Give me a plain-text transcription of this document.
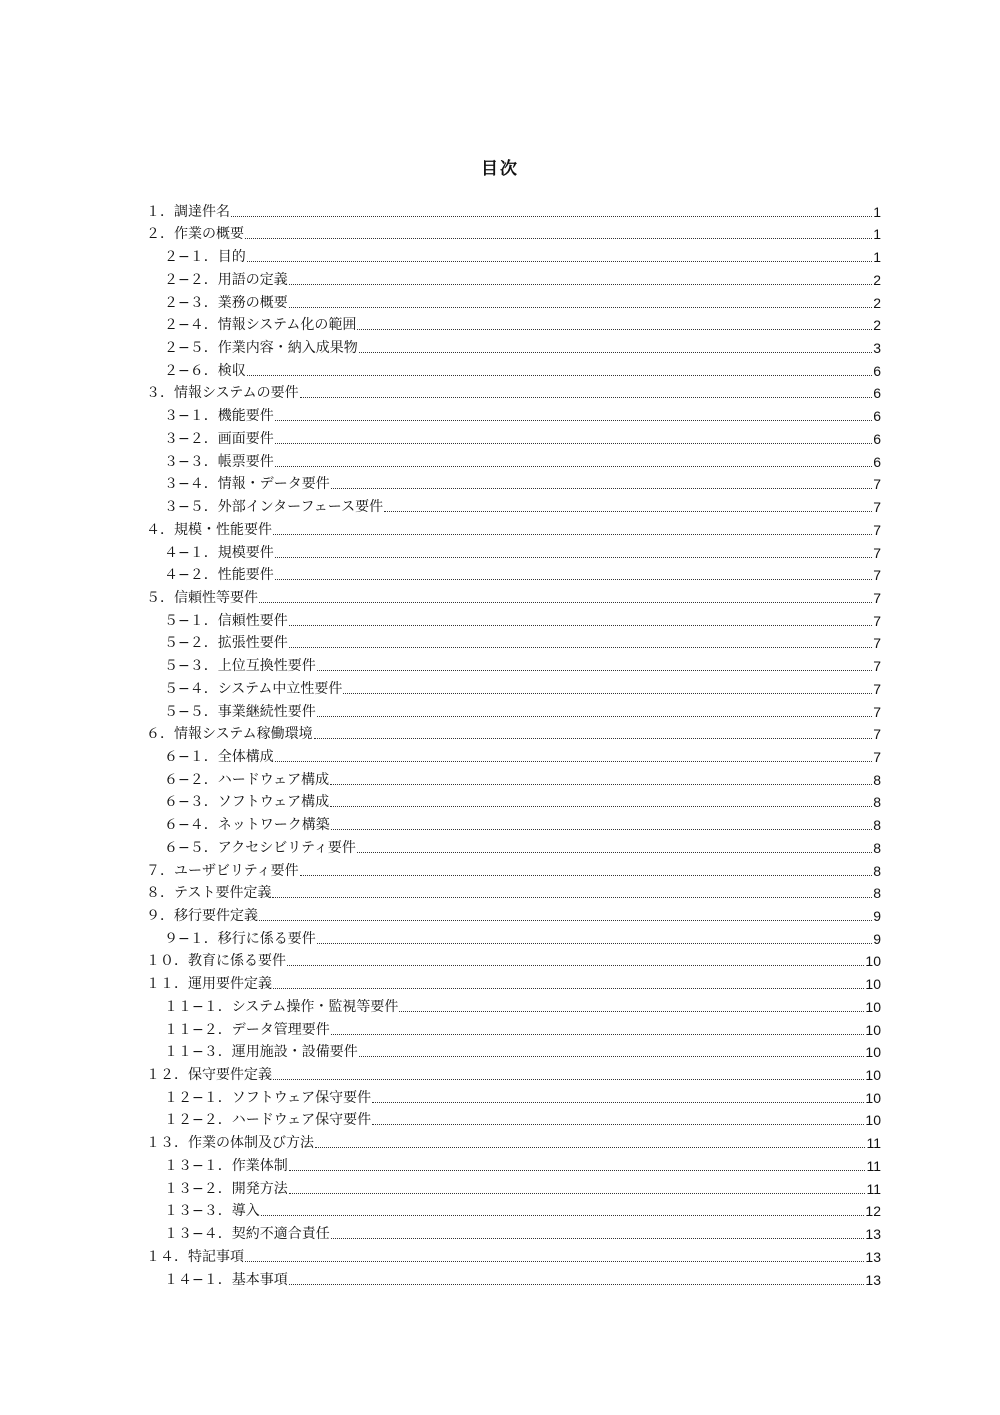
目次
１．調達件名	1
２．作業の概要	1
２−１．目的	1
２−２．用語の定義	2
２−３．業務の概要	2
２−４．情報システム化の範囲	2
２−５．作業内容・納入成果物	3
２−６．検収	6
３．情報システムの要件	6
３−１．機能要件	6
３−２．画面要件	6
３−３．帳票要件	6
３−４．情報・データ要件	7
３−５．外部インターフェース要件	7
４．規模・性能要件	7
４−１．規模要件	7
４−２．性能要件	7
５．信頼性等要件	7
５−１．信頼性要件	7
５−２．拡張性要件	7
５−３．上位互換性要件	7
５−４．システム中立性要件	7
５−５．事業継続性要件	7
６．情報システム稼働環境	7
６−１．全体構成	7
６−２．ハードウェア構成	8
６−３．ソフトウェア構成	8
６−４．ネットワーク構築	8
６−５．アクセシビリティ要件	8
７．ユーザビリティ要件	8
８．テスト要件定義	8
９．移行要件定義	9
９−１．移行に係る要件	9
１０．教育に係る要件	10
１１．運用要件定義	10
１１−１．システム操作・監視等要件	10
１１−２．データ管理要件	10
１１−３．運用施設・設備要件	10
１２．保守要件定義	10
１２−１．ソフトウェア保守要件	10
１２−２．ハードウェア保守要件	10
１３．作業の体制及び方法	11
１３−１．作業体制	11
１３−２．開発方法	11
１３−３．導入	12
１３−４．契約不適合責任	13
１４．特記事項	13
１４−１．基本事項	13
